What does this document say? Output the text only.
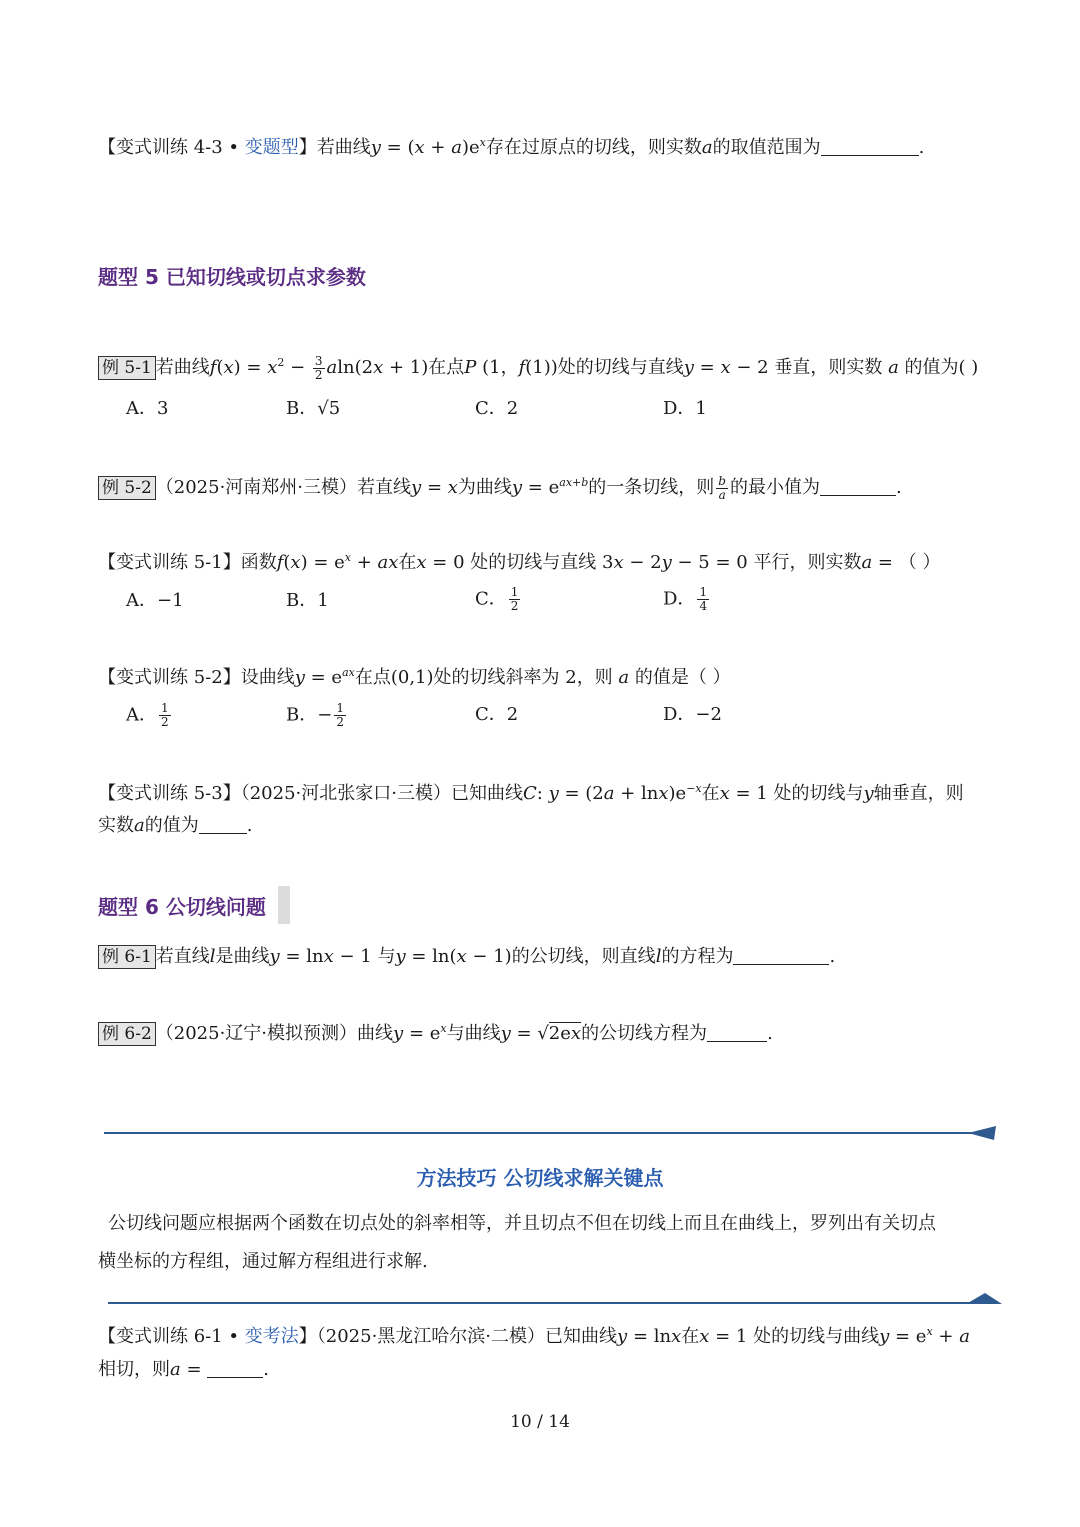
【变式训练 4-3 • 变题型】若曲线$y = (x + a)e^x$存在过原点的切线，则实数a的取值范围为	.
题型 5 已知切线或切点求参数
例 5-1 若曲线$f(x) = x^2 - \frac{3}{2} aln(2x + 1)$在点P (1，f(1))处的切线与直线y = x − 2 垂直，则实数 a 的值为( )
A．3	B．√5	C．2	D．1
例 5-2 （2025·河南郑州·三模）若直线y = x为曲线$y = e^{ax+b}$的一条切线，则 $\frac{b}{a}$ 的最小值为	.
【变式训练 5-1】函数$f(x) = e^x$ + ax在x = 0 处的切线与直线 3x − 2y − 5 = 0 平行，则实数a = （ ）
A．−1	B．1	C． $\frac{1}{2}$	D． $\frac{1}{4}$
【变式训练 5-2】设曲线$y = e^{ax}$在点(0,1)处的切线斜率为 2，则 a 的值是（ ）
A． $\frac{1}{2}$	B．− $\frac{1}{2}$	C．2	D．−2
【变式训练 5-3】（2025·河北张家口·三模）已知曲线C: $y = (2a + \ln x)e^{-x}$在x = 1 处的切线与y轴垂直，则
实数a的值为	.
题型 6 公切线问题
例 6-1 若直线l是曲线y = lnx − 1 与y = ln(x − 1)的公切线，则直线l的方程为	.
例 6-2 （2025·辽宁·模拟预测）曲线$y = e^x$与曲线y = √2ex的公切线方程为	.
方法技巧 公切线求解关键点
公切线问题应根据两个函数在切点处的斜率相等，并且切点不但在切线上而且在曲线上，罗列出有关切点
横坐标的方程组，通过解方程组进行求解.
【变式训练 6-1 • 变考法】（2025·黑龙江哈尔滨·二模）已知曲线y = lnx在x = 1 处的切线与曲线$y = e^x + a$
相切，则a =	.
10 / 14
